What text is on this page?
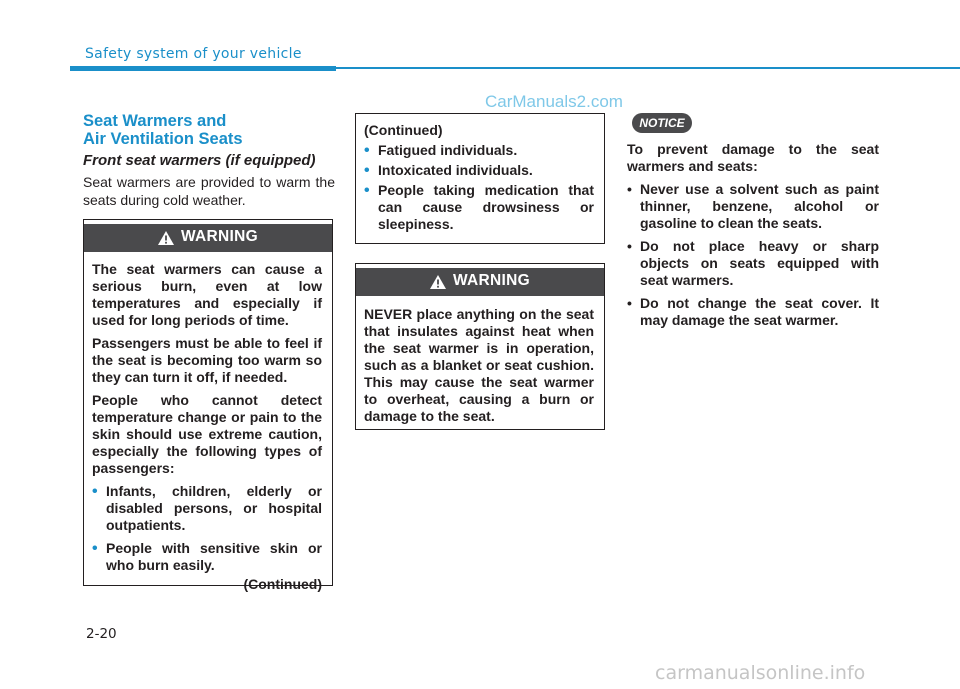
Safety system of your vehicle
CarManuals2.com
Seat Warmers and
Air Ventilation Seats
Front seat warmers (if equipped)
Seat warmers are provided to warm the seats during cold weather.
WARNING

The seat warmers can cause a serious burn, even at low temperatures and especially if used for long periods of time.

Passengers must be able to feel if the seat is becoming too warm so they can turn it off, if needed.

People who cannot detect temperature change or pain to the skin should use extreme caution, especially the following types of passengers:

• Infants, children, elderly or disabled persons, or hospital outpatients.
• People with sensitive skin or who burn easily.
(Continued)

(Continued)

• Fatigued individuals.
• Intoxicated individuals.
• People taking medication that can cause drowsiness or sleepiness.
WARNING

NEVER place anything on the seat that insulates against heat when the seat warmer is in operation, such as a blanket or seat cushion. This may cause the seat warmer to overheat, causing a burn or damage to the seat.

NOTICE

To prevent damage to the seat warmers and seats:

• Never use a solvent such as paint thinner, benzene, alcohol or gasoline to clean the seats.
• Do not place heavy or sharp objects on seats equipped with seat warmers.
• Do not change the seat cover. It may damage the seat warmer.
2-20
carmanualsonline.info
